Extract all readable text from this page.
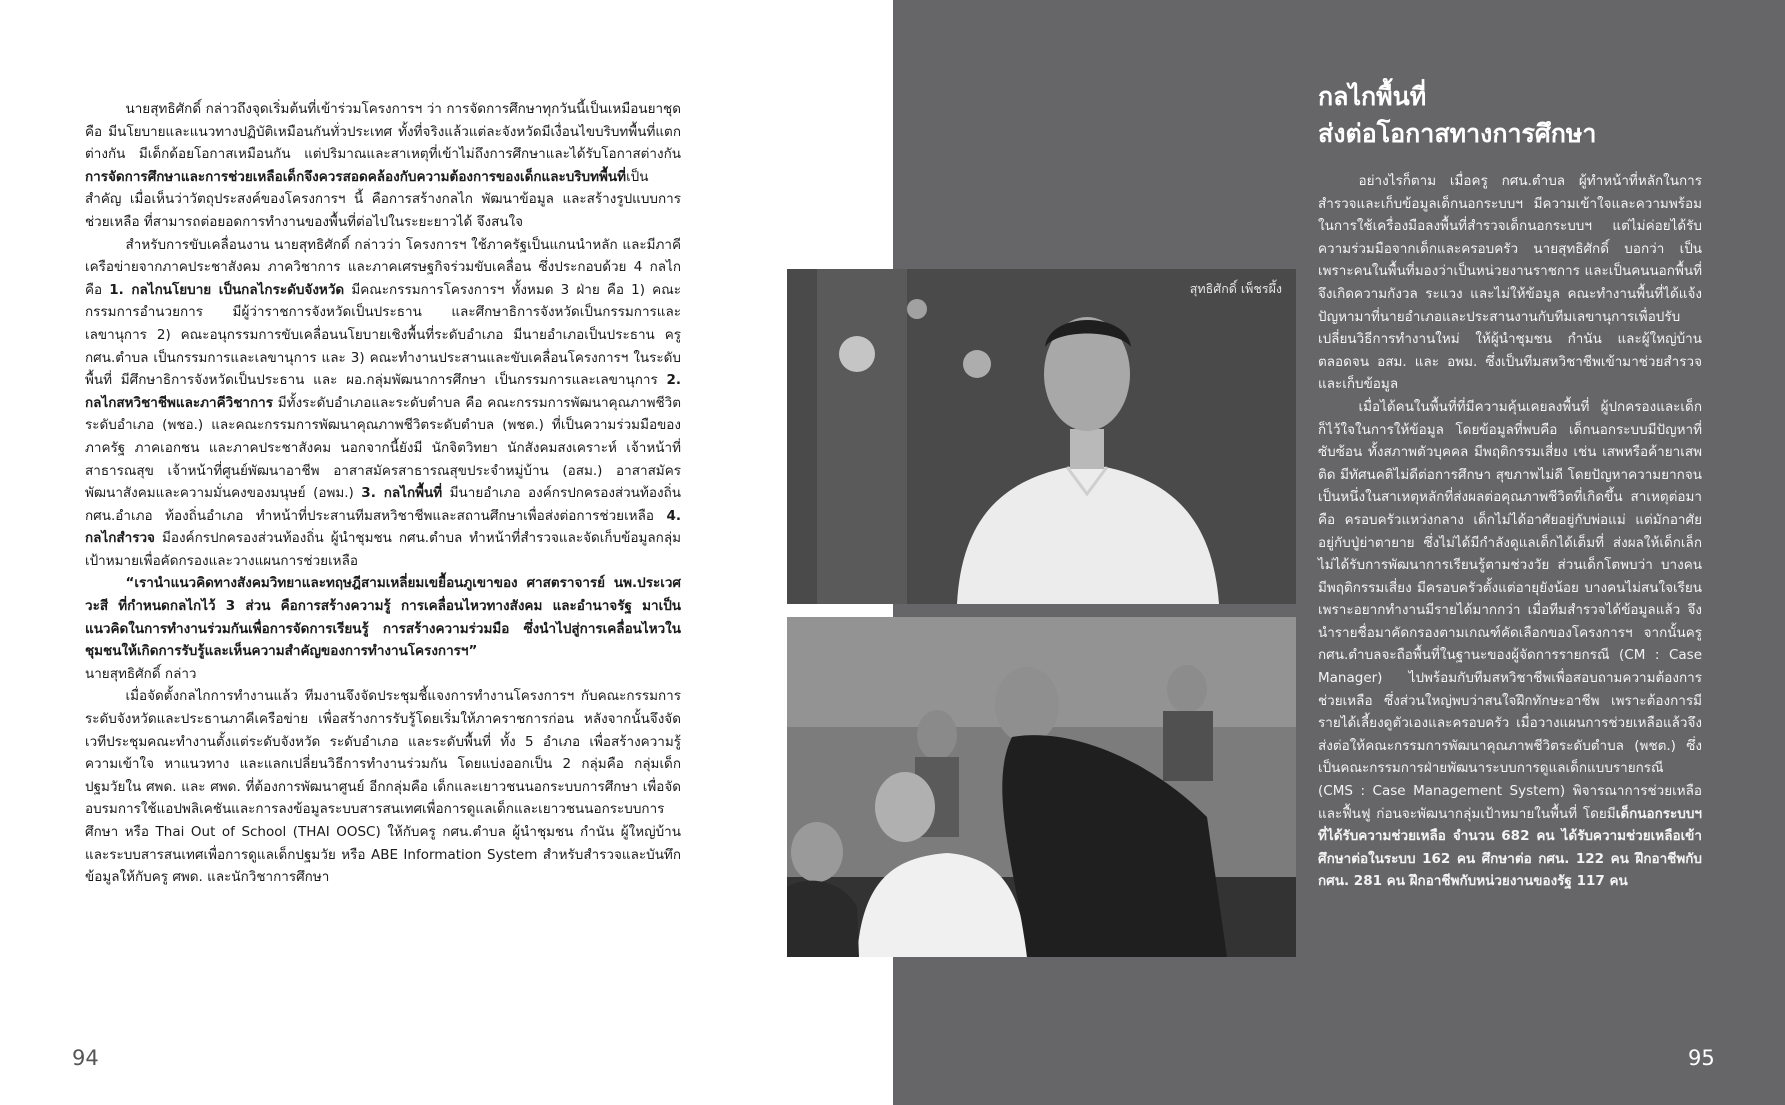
นายสุทธิศักดิ์ กล่าวถึงจุดเริ่มต้นที่เข้าร่วมโครงการฯ ว่า การจัดการศึกษาทุกวันนี้เป็นเหมือนยาชุด คือ มีนโยบายและแนวทางปฏิบัติเหมือนกันทั่วประเทศ ทั้งที่จริงแล้วแต่ละจังหวัดมีเงื่อนไขบริบทพื้นที่แตกต่างกัน มีเด็กด้อยโอกาสเหมือนกัน แต่ปริมาณและสาเหตุที่เข้าไม่ถึงการศึกษาและได้รับโอกาสต่างกันการจัดการศึกษาและการช่วยเหลือเด็กจึงควรสอดคล้องกับความต้องการของเด็กและบริบทพื้นที่เป็นสำคัญ เมื่อเห็นว่าวัตถุประสงค์ของโครงการฯ นี้ คือการสร้างกลไก พัฒนาข้อมูล และสร้างรูปแบบการช่วยเหลือ ที่สามารถต่อยอดการทำงานของพื้นที่ต่อไปในระยะยาวได้ จึงสนใจ

สำหรับการขับเคลื่อนงาน นายสุทธิศักดิ์ กล่าวว่า โครงการฯ ใช้ภาครัฐเป็นแกนนำหลัก และมีภาคีเครือข่ายจากภาคประชาสังคม ภาควิชาการ และภาคเศรษฐกิจร่วมขับเคลื่อน ซึ่งประกอบด้วย 4 กลไก คือ 1. กลไกนโยบาย เป็นกลไกระดับจังหวัด มีคณะกรรมการโครงการฯ ทั้งหมด 3 ฝ่าย คือ 1) คณะกรรมการอำนวยการ มีผู้ว่าราชการจังหวัดเป็นประธาน และศึกษาธิการจังหวัดเป็นกรรมการและเลขานุการ 2) คณะอนุกรรมการขับเคลื่อนนโยบายเชิงพื้นที่ระดับอำเภอ มีนายอำเภอเป็นประธาน ครู กศน.ตำบล เป็นกรรมการและเลขานุการ และ 3) คณะทำงานประสานและขับเคลื่อนโครงการฯ ในระดับพื้นที่ มีศึกษาธิการจังหวัดเป็นประธาน และ ผอ.กลุ่มพัฒนาการศึกษา เป็นกรรมการและเลขานุการ 2. กลไกสหวิชาชีพและภาคีวิชาการ มีทั้งระดับอำเภอและระดับตำบล คือ คณะกรรมการพัฒนาคุณภาพชีวิตระดับอำเภอ (พชอ.) และคณะกรรมการพัฒนาคุณภาพชีวิตระดับตำบล (พชต.) ที่เป็นความร่วมมือของภาครัฐ ภาคเอกชน และภาคประชาสังคม นอกจากนี้ยังมี นักจิตวิทยา นักสังคมสงเคราะห์ เจ้าหน้าที่สาธารณสุข เจ้าหน้าที่ศูนย์พัฒนาอาชีพ อาสาสมัครสาธารณสุขประจำหมู่บ้าน (อสม.) อาสาสมัครพัฒนาสังคมและความมั่นคงของมนุษย์ (อพม.) 3. กลไกพื้นที่ มีนายอำเภอ องค์กรปกครองส่วนท้องถิ่น กศน.อำเภอ ท้องถิ่นอำเภอ ทำหน้าที่ประสานทีมสหวิชาชีพและสถานศึกษาเพื่อส่งต่อการช่วยเหลือ 4. กลไกสำรวจ มีองค์กรปกครองส่วนท้องถิ่น ผู้นำชุมชน กศน.ตำบล ทำหน้าที่สำรวจและจัดเก็บข้อมูลกลุ่มเป้าหมายเพื่อคัดกรองและวางแผนการช่วยเหลือ

“เรานำแนวคิดทางสังคมวิทยาและทฤษฎีสามเหลี่ยมเขยื้อนภูเขาของ ศาสตราจารย์ นพ.ประเวศ วะสี ที่กำหนดกลไกไว้ 3 ส่วน คือการสร้างความรู้ การเคลื่อนไหวทางสังคม และอำนาจรัฐ มาเป็นแนวคิดในการทำงานร่วมกันเพื่อการจัดการเรียนรู้ การสร้างความร่วมมือ ซึ่งนำไปสู่การเคลื่อนไหวในชุมชนให้เกิดการรับรู้และเห็นความสำคัญของการทำงานโครงการฯ”

นายสุทธิศักดิ์ กล่าว

เมื่อจัดตั้งกลไกการทำงานแล้ว ทีมงานจึงจัดประชุมชี้แจงการทำงานโครงการฯ กับคณะกรรมการระดับจังหวัดและประธานภาคีเครือข่าย เพื่อสร้างการรับรู้โดยเริ่มให้ภาคราชการก่อน หลังจากนั้นจึงจัดเวทีประชุมคณะทำงานตั้งแต่ระดับจังหวัด ระดับอำเภอ และระดับพื้นที่ ทั้ง 5 อำเภอ เพื่อสร้างความรู้ความเข้าใจ หาแนวทาง และแลกเปลี่ยนวิธีการทำงานร่วมกัน โดยแบ่งออกเป็น 2 กลุ่มคือ กลุ่มเด็กปฐมวัยใน ศพด. และ ศพด. ที่ต้องการพัฒนาศูนย์ อีกกลุ่มคือ เด็กและเยาวชนนอกระบบการศึกษา เพื่อจัดอบรมการใช้แอปพลิเคชันและการลงข้อมูลระบบสารสนเทศเพื่อการดูแลเด็กและเยาวชนนอกระบบการศึกษา หรือ Thai Out of School (THAI OOSC) ให้กับครู กศน.ตำบล ผู้นำชุมชน กำนัน ผู้ใหญ่บ้าน และระบบสารสนเทศเพื่อการดูแลเด็กปฐมวัย หรือ ABE Information System สำหรับสำรวจและบันทึกข้อมูลให้กับครู ศพด. และนักวิชาการศึกษา

94
สุทธิศักดิ์ เพ็ชรผึ้ง
กลไกพื้นที่
ส่งต่อโอกาสทางการศึกษา

อย่างไรก็ตาม เมื่อครู กศน.ตำบล ผู้ทำหน้าที่หลักในการสำรวจและเก็บข้อมูลเด็กนอกระบบฯ มีความเข้าใจและความพร้อมในการใช้เครื่องมือลงพื้นที่สำรวจเด็กนอกระบบฯ แต่ไม่ค่อยได้รับความร่วมมือจากเด็กและครอบครัว นายสุทธิศักดิ์ บอกว่า เป็นเพราะคนในพื้นที่มองว่าเป็นหน่วยงานราชการ และเป็นคนนอกพื้นที่ จึงเกิดความกังวล ระแวง และไม่ให้ข้อมูล คณะทำงานพื้นที่ได้แจ้งปัญหามาที่นายอำเภอและประสานงานกับทีมเลขานุการเพื่อปรับเปลี่ยนวิธีการทำงานใหม่ ให้ผู้นำชุมชน กำนัน และผู้ใหญ่บ้าน ตลอดจน อสม. และ อพม. ซึ่งเป็นทีมสหวิชาชีพเข้ามาช่วยสำรวจและเก็บข้อมูล

เมื่อได้คนในพื้นที่ที่มีความคุ้นเคยลงพื้นที่ ผู้ปกครองและเด็กก็ไว้ใจในการให้ข้อมูล โดยข้อมูลที่พบคือ เด็กนอกระบบมีปัญหาที่ซับซ้อน ทั้งสภาพตัวบุคคล มีพฤติกรรมเสี่ยง เช่น เสพหรือค้ายาเสพติด มีทัศนคติไม่ดีต่อการศึกษา สุขภาพไม่ดี โดยปัญหาความยากจนเป็นหนึ่งในสาเหตุหลักที่ส่งผลต่อคุณภาพชีวิตที่เกิดขึ้น สาเหตุต่อมาคือ ครอบครัวแหว่งกลาง เด็กไม่ได้อาศัยอยู่กับพ่อแม่ แต่มักอาศัยอยู่กับปู่ย่าตายาย ซึ่งไม่ได้มีกำลังดูแลเด็กได้เต็มที่ ส่งผลให้เด็กเล็กไม่ได้รับการพัฒนาการเรียนรู้ตามช่วงวัย ส่วนเด็กโตพบว่า บางคนมีพฤติกรรมเสี่ยง มีครอบครัวตั้งแต่อายุยังน้อย บางคนไม่สนใจเรียนเพราะอยากทำงานมีรายได้มากกว่า เมื่อทีมสำรวจได้ข้อมูลแล้ว จึงนำรายชื่อมาคัดกรองตามเกณฑ์คัดเลือกของโครงการฯ จากนั้นครู กศน.ตำบลจะถือพื้นที่ในฐานะของผู้จัดการรายกรณี (CM : Case Manager) ไปพร้อมกับทีมสหวิชาชีพเพื่อสอบถามความต้องการช่วยเหลือ ซึ่งส่วนใหญ่พบว่าสนใจฝึกทักษะอาชีพ เพราะต้องการมีรายได้เลี้ยงดูตัวเองและครอบครัว เมื่อวางแผนการช่วยเหลือแล้วจึงส่งต่อให้คณะกรรมการพัฒนาคุณภาพชีวิตระดับตำบล (พชต.) ซึ่งเป็นคณะกรรมการฝ่ายพัฒนาระบบการดูแลเด็กแบบรายกรณี (CMS : Case Management System) พิจารณาการช่วยเหลือและฟื้นฟู ก่อนจะพัฒนากลุ่มเป้าหมายในพื้นที่ โดยมีเด็กนอกระบบฯ ที่ได้รับความช่วยเหลือ จำนวน 682 คน ได้รับความช่วยเหลือเข้าศึกษาต่อในระบบ 162 คน ศึกษาต่อ กศน. 122 คน ฝึกอาชีพกับ กศน. 281 คน ฝึกอาชีพกับหน่วยงานของรัฐ 117 คน

95
